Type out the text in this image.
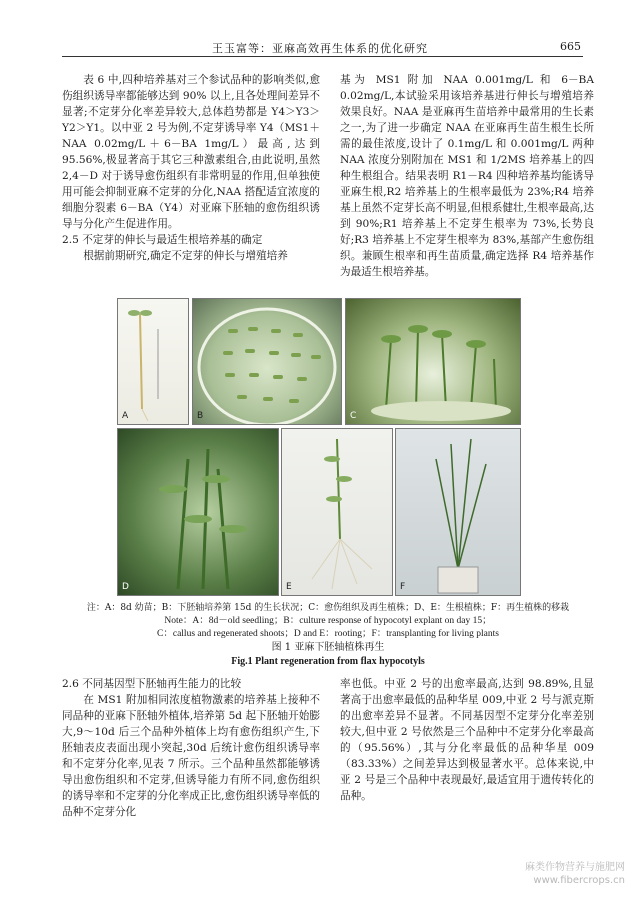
王玉富等：亚麻高效再生体系的优化研究	665

表 6 中,四种培养基对三个参试品种的影响类似,愈伤组织诱导率都能够达到 90% 以上,且各处理间差异不显著;不定芽分化率差异较大,总体趋势都是 Y4＞Y3＞Y2＞Y1。以中亚 2 号为例,不定芽诱导率 Y4（MS1＋NAA 0.02mg/L＋6－BA 1mg/L）最高,达到 95.56%,极显著高于其它三种激素组合,由此说明,虽然 2,4－D 对于诱导愈伤组织有非常明显的作用,但单独使用可能会抑制亚麻不定芽的分化,NAA 搭配适宜浓度的细胞分裂素 6－BA（Y4）对亚麻下胚轴的愈伤组织诱导与分化产生促进作用。

2.5 不定芽的伸长与最适生根培养基的确定

根据前期研究,确定不定芽的伸长与增殖培养

基为 MS1 附加 NAA 0.001mg/L 和 6－BA 0.02mg/L,本试验采用该培养基进行伸长与增殖培养效果良好。NAA 是亚麻再生苗培养中最常用的生长素之一,为了进一步确定 NAA 在亚麻再生苗生根生长所需的最佳浓度,设计了 0.1mg/L 和 0.001mg/L 两种 NAA 浓度分别附加在 MS1 和 1/2MS 培养基上的四种生根组合。结果表明 R1－R4 四种培养基均能诱导亚麻生根,R2 培养基上的生根率最低为 23%;R4 培养基上虽然不定芽长高不明显,但根系健壮,生根率最高,达到 90%;R1 培养基上不定芽生根率为 73%,长势良好;R3 培养基上不定芽生根率为 83%,基部产生愈伤组织。兼顾生根率和再生苗质量,确定选择 R4 培养基作为最适生根培养基。

A	B	C
D	E	F
注：A：8d 幼苗；B：下胚轴培养第 15d 的生长状况；C：愈伤组织及再生植株；D、E：生根植株；F：再生植株的移栽
Note：A：8d－old seedling；B：culture response of hypocotyl explant on day 15；
C：callus and regenerated shoots；D and E：rooting；F：transplanting for living plants
图 1 亚麻下胚轴植株再生
Fig.1 Plant regeneration from flax hypocotyls

2.6 不同基因型下胚轴再生能力的比较

在 MS1 附加相同浓度植物激素的培养基上接种不同品种的亚麻下胚轴外植体,培养第 5d 起下胚轴开始膨大,9～10d 后三个品种外植体上均有愈伤组织产生,下胚轴表皮表面出现小突起,30d 后统计愈伤组织诱导率和不定芽分化率,见表 7 所示。三个品种虽然都能够诱导出愈伤组织和不定芽,但诱导能力有所不同,愈伤组织的诱导率和不定芽的分化率成正比,愈伤组织诱导率低的品种不定芽分化

率也低。中亚 2 号的出愈率最高,达到 98.89%,且显著高于出愈率最低的品种华星 009,中亚 2 号与派克斯的出愈率差异不显著。不同基因型不定芽分化率差别较大,但中亚 2 号依然是三个品种中不定芽分化率最高的（95.56%）,其与分化率最低的品种华星 009（83.33%）之间差异达到极显著水平。总体来说,中亚 2 号是三个品种中表现最好,最适宜用于遗传转化的品种。

麻类作物营养与施肥网
www.fibercrops.cn
